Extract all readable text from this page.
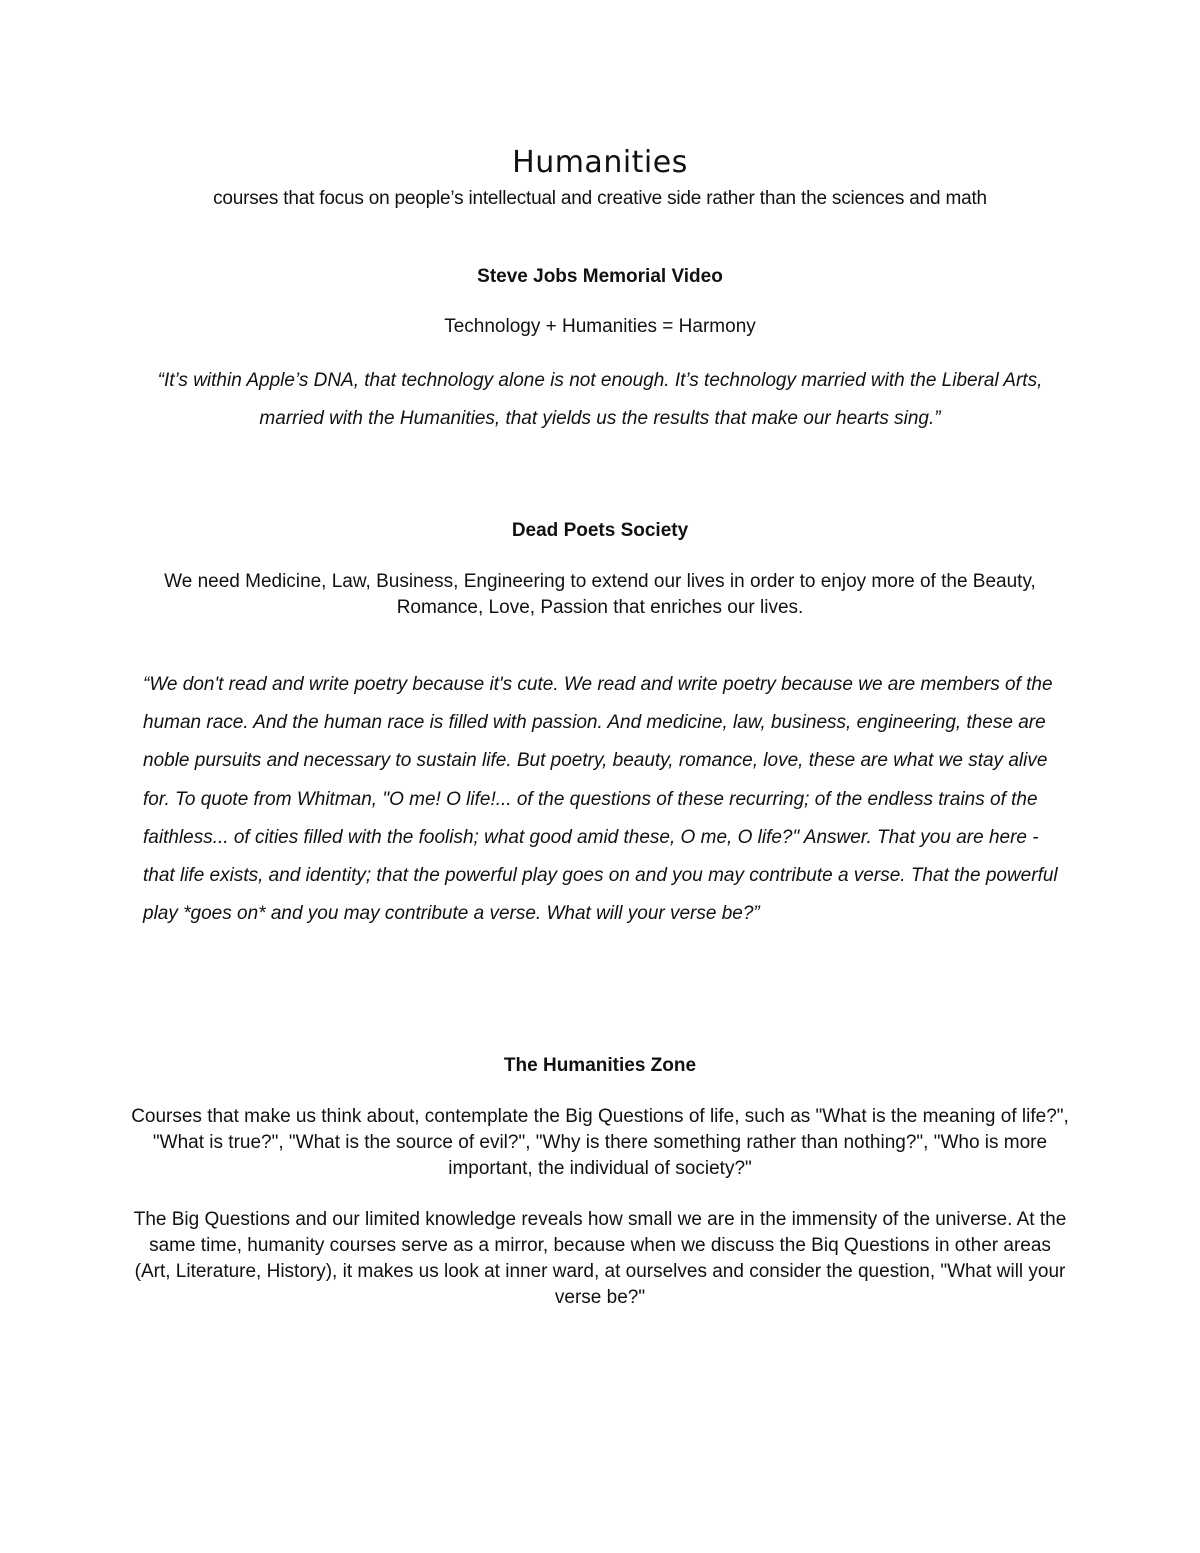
Humanities
courses that focus on people’s intellectual and creative side rather than the sciences and math
Steve Jobs Memorial Video
Technology + Humanities = Harmony
“It’s within Apple’s DNA, that technology alone is not enough. It’s technology married with the Liberal Arts, married with the Humanities, that yields us the results that make our hearts sing.”
Dead Poets Society
We need Medicine, Law, Business, Engineering to extend our lives in order to enjoy more of the Beauty, Romance, Love, Passion that enriches our lives.
“We don't read and write poetry because it's cute. We read and write poetry because we are members of the human race. And the human race is filled with passion. And medicine, law, business, engineering, these are noble pursuits and necessary to sustain life. But poetry, beauty, romance, love, these are what we stay alive for. To quote from Whitman, "O me! O life!... of the questions of these recurring; of the endless trains of the faithless... of cities filled with the foolish; what good amid these, O me, O life?" Answer. That you are here - that life exists, and identity; that the powerful play goes on and you may contribute a verse. That the powerful play *goes on* and you may contribute a verse. What will your verse be?”
The Humanities Zone
Courses that make us think about, contemplate the Big Questions of life, such as "What is the meaning of life?", "What is true?", "What is the source of evil?", "Why is there something rather than nothing?", "Who is more important, the individual of society?"
The Big Questions and our limited knowledge reveals how small we are in the immensity of the universe. At the same time, humanity courses serve as a mirror, because when we discuss the Biq Questions in other areas (Art, Literature, History), it makes us look at inner ward, at ourselves and consider the question, "What will your verse be?"
